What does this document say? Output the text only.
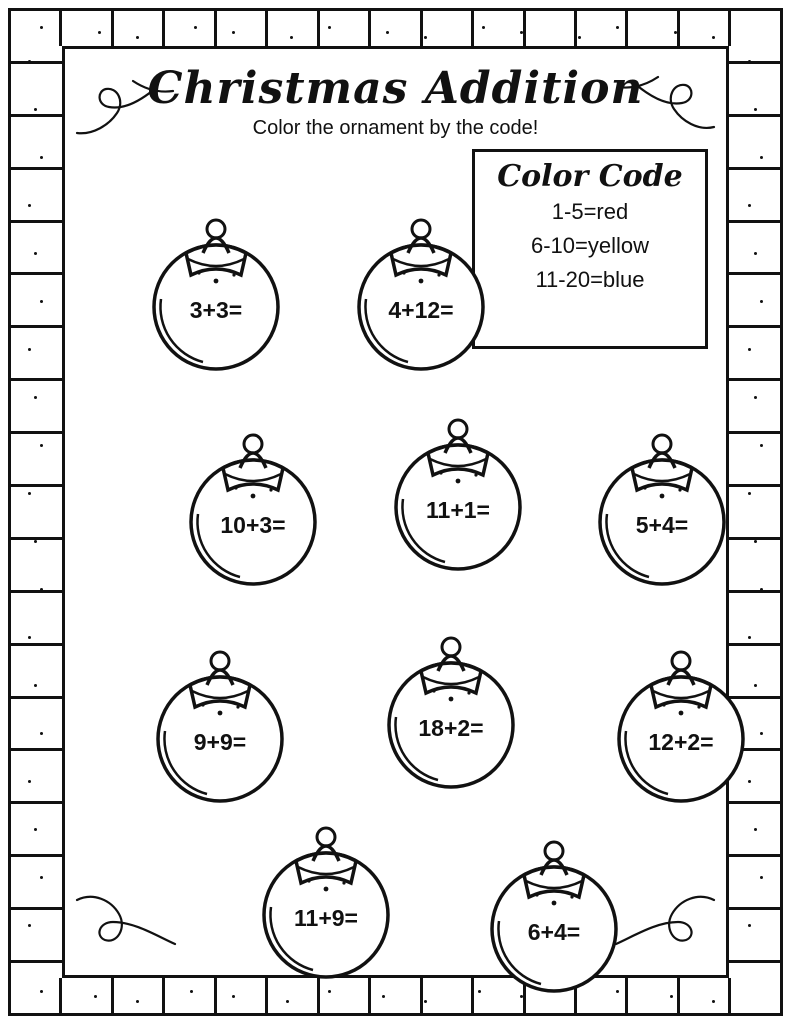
Christmas Addition
Color the ornament by the code!
Color Code
1-5=red
6-10=yellow
11-20=blue
3+3=	4+12=
10+3=
11+1=
5+4=
9+9=
18+2=
12+2=
11+9=
6+4=
